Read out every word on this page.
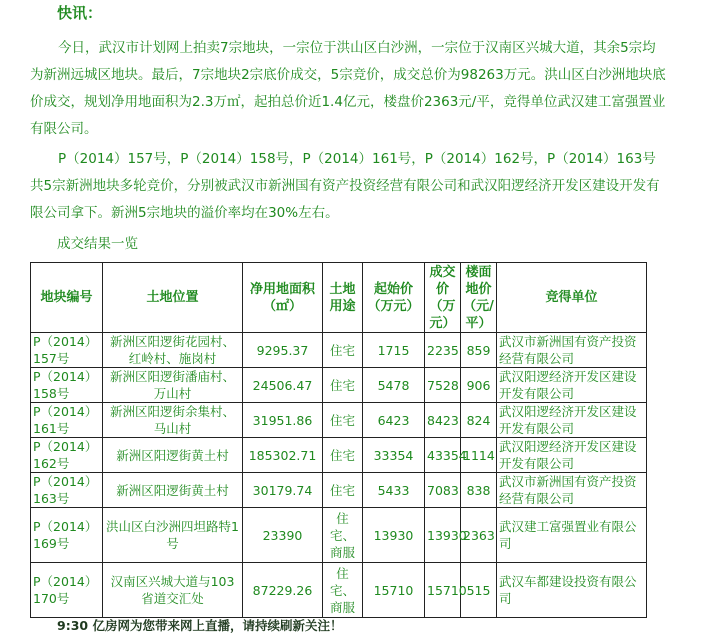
快讯：

今日，武汉市计划网上拍卖7宗地块，一宗位于洪山区白沙洲，一宗位于汉南区兴城大道，其余5宗均为新洲远城区地块。最后，7宗地块2宗底价成交，5宗竞价，成交总价为98263万元。洪山区白沙洲地块底价成交，规划净用地面积为2.3万㎡，起拍总价近1.4亿元，楼盘价2363元/平，竞得单位武汉建工富强置业有限公司。

P（2014）157号，P（2014）158号，P（2014）161号，P（2014）162号，P（2014）163号共5宗新洲地块多轮竞价，分别被武汉市新洲国有资产投资经营有限公司和武汉阳逻经济开发区建设开发有限公司拿下。新洲5宗地块的溢价率均在30%左右。

成交结果一览
地块编号	土地位置	净用地面积（㎡）	土地用途	起始价（万元）	成交价（万元）	楼面地价（元/平）	竞得单位
P（2014）157号	新洲区阳逻街花园村、红岭村、施岗村	9295.37	住宅	1715	2235	859	武汉市新洲国有资产投资经营有限公司
P（2014）158号	新洲区阳逻街潘庙村、万山村	24506.47	住宅	5478	7528	906	武汉阳逻经济开发区建设开发有限公司
P（2014）161号	新洲区阳逻街余集村、马山村	31951.86	住宅	6423	8423	824	武汉阳逻经济开发区建设开发有限公司
P（2014）162号	新洲区阳逻街黄土村	185302.71	住宅	33354	43354	1114	武汉阳逻经济开发区建设开发有限公司
P（2014）163号	新洲区阳逻街黄土村	30179.74	住宅	5433	7083	838	武汉市新洲国有资产投资经营有限公司
P（2014）169号	洪山区白沙洲四坦路特1号	23390	住宅、商服	13930	13930	2363	武汉建工富强置业有限公司
P（2014）170号	汉南区兴城大道与103省道交汇处	87229.26	住宅、商服	15710	15710	515	武汉车都建设投资有限公司
9:30 亿房网为您带来网上直播，请持续刷新关注！
